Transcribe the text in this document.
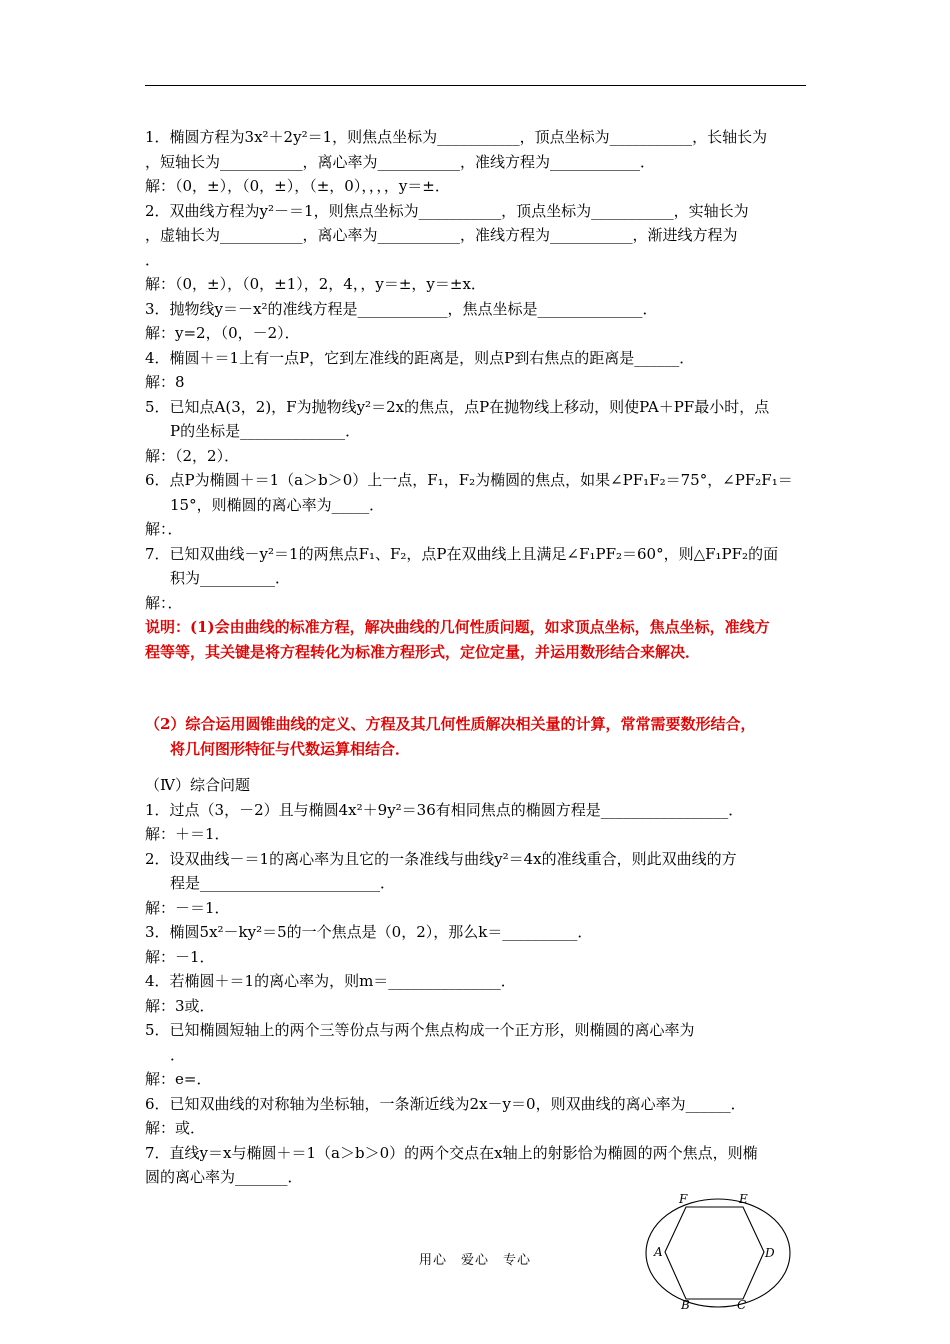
1．椭圆方程为3x²＋2y²＝1，则焦点坐标为___________，顶点坐标为___________，长轴长为
，短轴长为___________，离心率为___________，准线方程为____________．
解：（0，±），（0，±），（±，0），，，，y＝±．
2．双曲线方程为y²－＝1，则焦点坐标为___________，顶点坐标为___________，实轴长为
，虚轴长为___________，离心率为___________，准线方程为___________，渐进线方程为
．
解：（0，±），（0，±1），2，4，，y＝±，y＝±x．
3．抛物线y＝－x²的准线方程是____________，焦点坐标是______________．
解：y=2，（0，－2）．
4．椭圆＋＝1上有一点P，它到左准线的距离是，则点P到右焦点的距离是______．
解：8
5．已知点A(3，2)，F为抛物线y²＝2x的焦点，点P在抛物线上移动，则使PA＋PF最小时，点
P的坐标是______________．
解：（2，2）．
6．点P为椭圆＋＝1（a＞b＞0）上一点，F₁，F₂为椭圆的焦点，如果∠PF₁F₂＝75°，∠PF₂F₁＝
15°，则椭圆的离心率为_____．
解：．
7．已知双曲线－y²＝1的两焦点F₁、F₂，点P在双曲线上且满足∠F₁PF₂＝60°，则△F₁PF₂的面
积为__________．
解：．
说明：(1)会由曲线的标准方程，解决曲线的几何性质问题，如求顶点坐标，焦点坐标，准线方
程等等，其关键是将方程转化为标准方程形式，定位定量，并运用数形结合来解决．
（2）综合运用圆锥曲线的定义、方程及其几何性质解决相关量的计算，常常需要数形结合，
将几何图形特征与代数运算相结合．
（Ⅳ）综合问题
1．过点（3，－2）且与椭圆4x²＋9y²＝36有相同焦点的椭圆方程是_________________．
解：＋＝1．
2．设双曲线－＝1的离心率为且它的一条准线与曲线y²＝4x的准线重合，则此双曲线的方
程是________________________．
解：－＝1．
3．椭圆5x²－ky²＝5的一个焦点是（0，2），那么k＝__________．
解：－1．
4．若椭圆＋＝1的离心率为，则m＝_______________．
解：3或．
5．已知椭圆短轴上的两个三等份点与两个焦点构成一个正方形，则椭圆的离心率为
．
解：e=．
6．已知双曲线的对称轴为坐标轴，一条渐近线为2x－y＝0，则双曲线的离心率为______．
解：或．
7．直线y＝x与椭圆＋＝1（a＞b＞0）的两个交点在x轴上的射影恰为椭圆的两个焦点，则椭
圆的离心率为_______．
用心　爱心　专心
F	E
A	D
B	C
